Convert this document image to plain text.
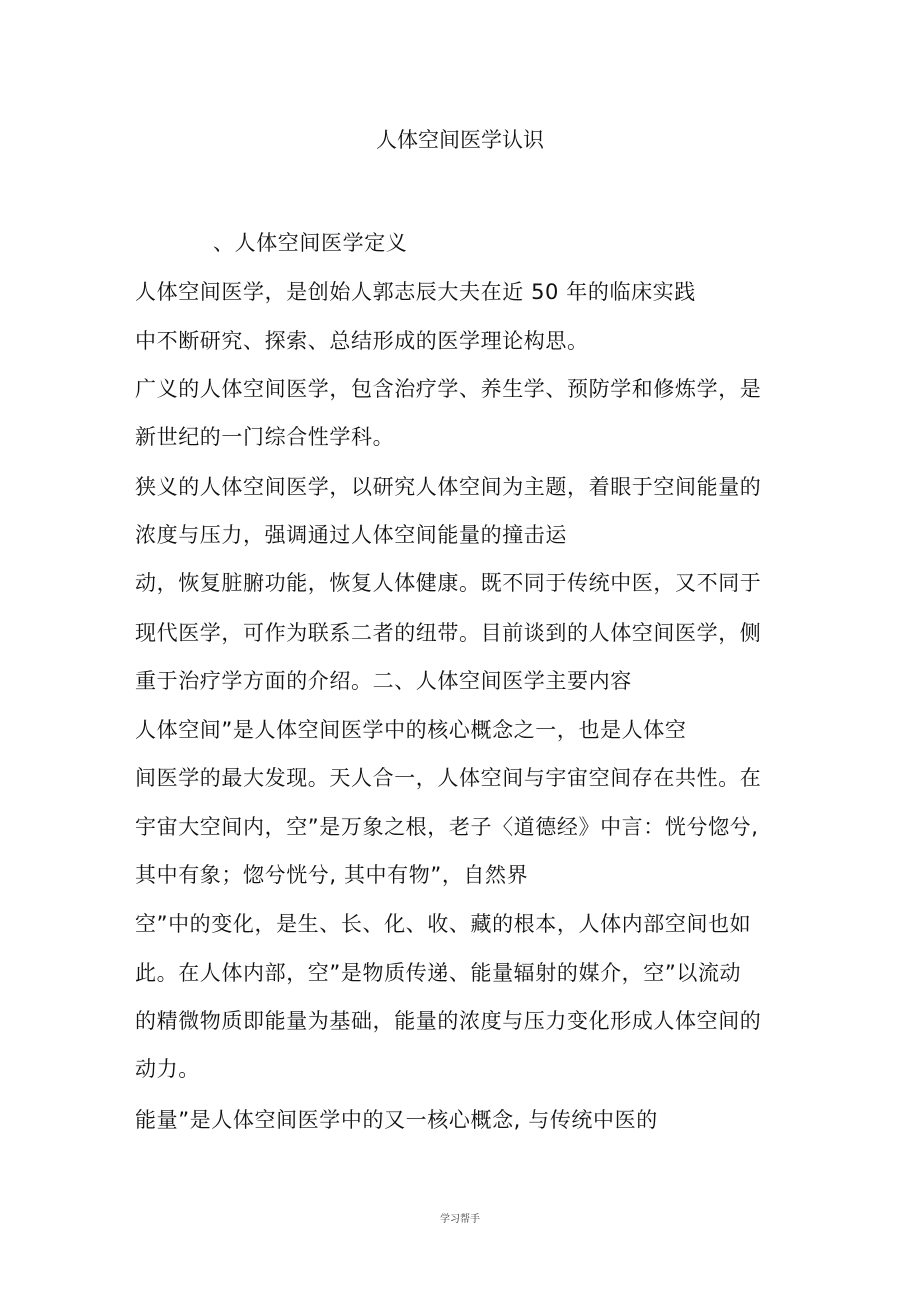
人体空间医学认识
、人体空间医学定义
人体空间医学，是创始人郭志辰大夫在近 50 年的临床实践
中不断研究、探索、总结形成的医学理论构思。
广义的人体空间医学，包含治疗学、养生学、预防学和修炼学，是
新世纪的一门综合性学科。
狭义的人体空间医学，以研究人体空间为主题，着眼于空间能量的
浓度与压力，强调通过人体空间能量的撞击运
动，恢复脏腑功能，恢复人体健康。既不同于传统中医，又不同于
现代医学，可作为联系二者的纽带。目前谈到的人体空间医学，侧
重于治疗学方面的介绍。二、人体空间医学主要内容
人体空间”是人体空间医学中的核心概念之一，也是人体空
间医学的最大发现。天人合一，人体空间与宇宙空间存在共性。在
宇宙大空间内，空”是万象之根，老子〈道德经》中言：恍兮惚兮,
其中有象；惚兮恍兮, 其中有物”，自然界
空”中的变化，是生、长、化、收、藏的根本，人体内部空间也如
此。在人体内部，空”是物质传递、能量辐射的媒介，空”以流动
的精微物质即能量为基础，能量的浓度与压力变化形成人体空间的
动力。
能量”是人体空间医学中的又一核心概念, 与传统中医的
学习帮手
